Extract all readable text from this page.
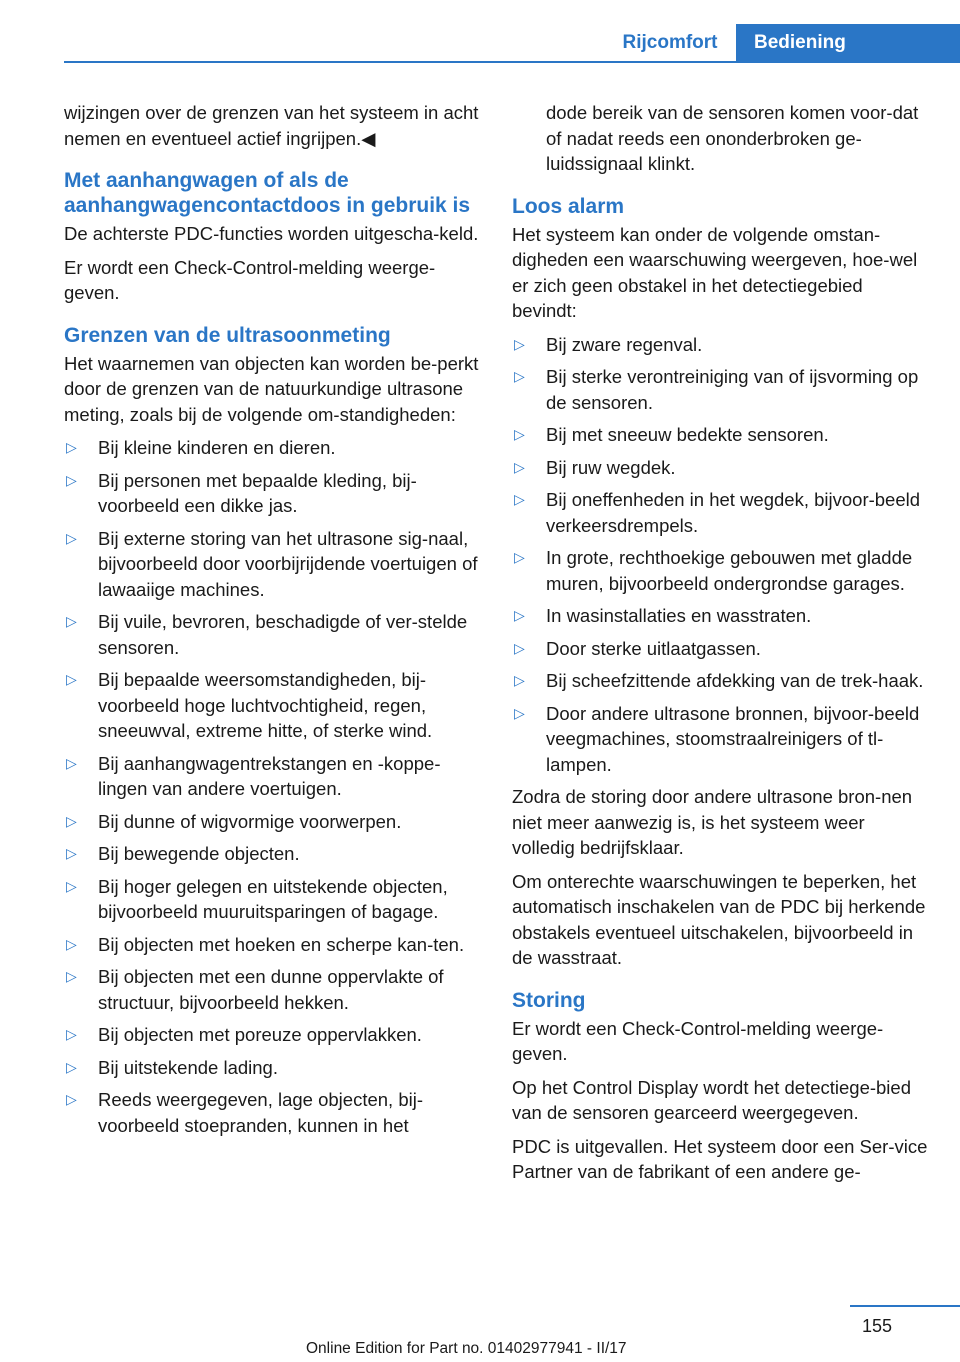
Rijcomfort	Bediening

wijzingen over de grenzen van het systeem in acht nemen en eventueel actief ingrijpen.◀

Met aanhangwagen of als de aanhangwagencontactdoos in gebruik is

De achterste PDC-functies worden uitgescha‐keld.

Er wordt een Check-Control-melding weerge‐geven.

Grenzen van de ultrasoonmeting

Het waarnemen van objecten kan worden be‐perkt door de grenzen van de natuurkundige ultrasone meting, zoals bij de volgende om‐standigheden:

▷ Bij kleine kinderen en dieren.
▷ Bij personen met bepaalde kleding, bij‐voorbeeld een dikke jas.
▷ Bij externe storing van het ultrasone sig‐naal, bijvoorbeeld door voorbijrijdende voertuigen of lawaaiige machines.
▷ Bij vuile, bevroren, beschadigde of ver‐stelde sensoren.
▷ Bij bepaalde weersomstandigheden, bij‐voorbeeld hoge luchtvochtigheid, regen, sneeuwval, extreme hitte, of sterke wind.
▷ Bij aanhangwagentrekstangen en -koppe‐lingen van andere voertuigen.
▷ Bij dunne of wigvormige voorwerpen.
▷ Bij bewegende objecten.
▷ Bij hoger gelegen en uitstekende objecten, bijvoorbeeld muuruitsparingen of bagage.
▷ Bij objecten met hoeken en scherpe kan‐ten.
▷ Bij objecten met een dunne oppervlakte of structuur, bijvoorbeeld hekken.
▷ Bij objecten met poreuze oppervlakken.
▷ Bij uitstekende lading.
▷ Reeds weergegeven, lage objecten, bij‐voorbeeld stoepranden, kunnen in het

dode bereik van de sensoren komen voor‐dat of nadat reeds een ononderbroken ge‐luidssignaal klinkt.

Loos alarm

Het systeem kan onder de volgende omstan‐digheden een waarschuwing weergeven, hoe‐wel er zich geen obstakel in het detectiegebied bevindt:

▷ Bij zware regenval.
▷ Bij sterke verontreiniging van of ijsvorming op de sensoren.
▷ Bij met sneeuw bedekte sensoren.
▷ Bij ruw wegdek.
▷ Bij oneffenheden in het wegdek, bijvoor‐beeld verkeersdrempels.
▷ In grote, rechthoekige gebouwen met gladde muren, bijvoorbeeld ondergrondse garages.
▷ In wasinstallaties en wasstraten.
▷ Door sterke uitlaatgassen.
▷ Bij scheefzittende afdekking van de trek‐haak.
▷ Door andere ultrasone bronnen, bijvoor‐beeld veegmachines, stoomstraalreinigers of tl-lampen.

Zodra de storing door andere ultrasone bron‐nen niet meer aanwezig is, is het systeem weer volledig bedrijfsklaar.

Om onterechte waarschuwingen te beperken, het automatisch inschakelen van de PDC bij herkende obstakels eventueel uitschakelen, bijvoorbeeld in de wasstraat.

Storing

Er wordt een Check-Control-melding weerge‐geven.

Op het Control Display wordt het detectiege‐bied van de sensoren gearceerd weergegeven.

PDC is uitgevallen. Het systeem door een Ser‐vice Partner van de fabrikant of een andere ge‐

155
Online Edition for Part no. 01402977941 - II/17
